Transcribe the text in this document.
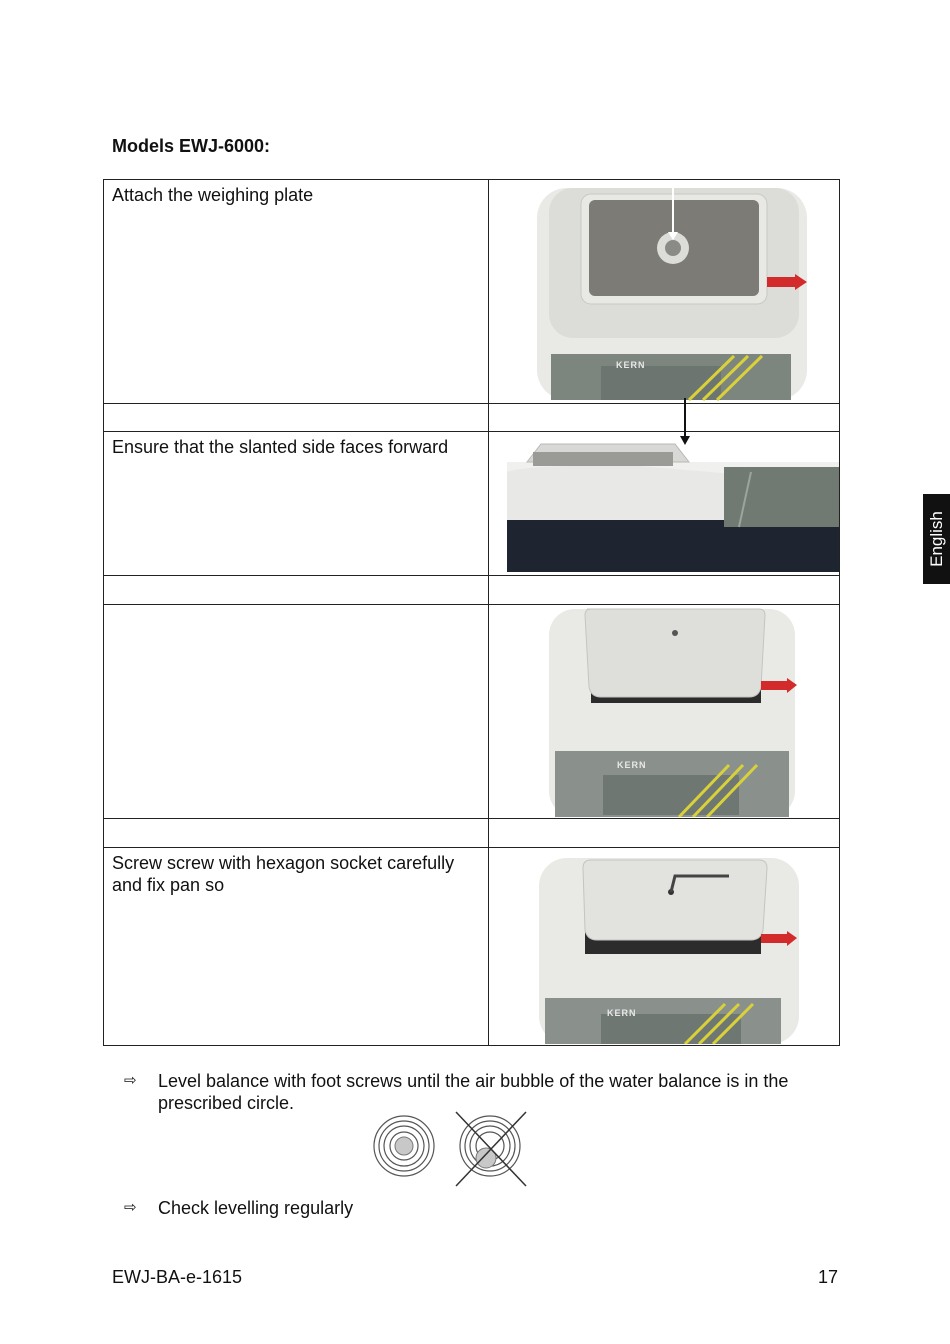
Models EWJ-6000:
Attach the weighing plate	KERN

Ensure that the slanted side faces forward	

	KERN

Screw screw with hexagon socket carefully and fix pan so	KERN
⇨ Level balance with foot screws until the air bubble of the water balance is in the prescribed circle.
⇨ Check levelling regularly
English
EWJ-BA-e-1615	17
